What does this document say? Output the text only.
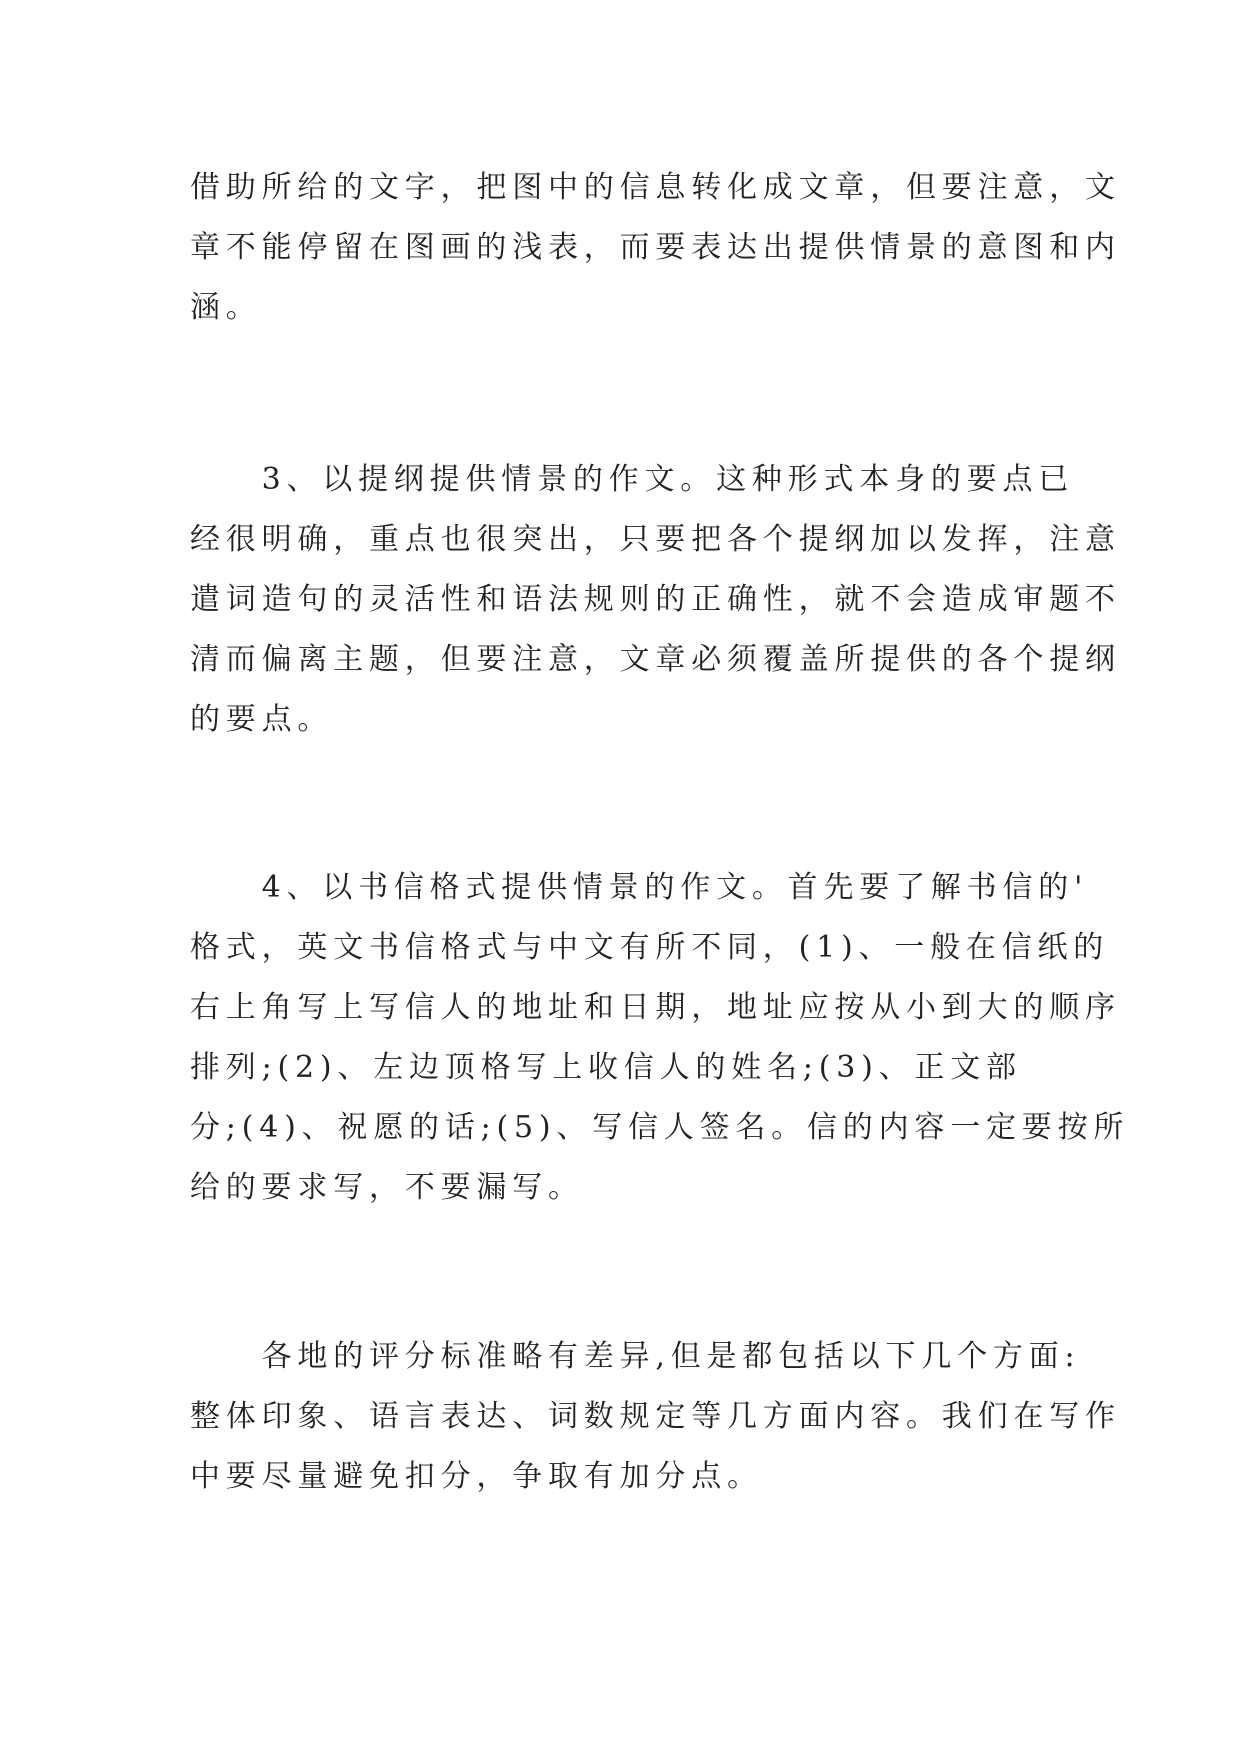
借助所给的文字，把图中的信息转化成文章，但要注意，文
章不能停留在图画的浅表，而要表达出提供情景的意图和内
涵。
　　3、以提纲提供情景的作文。这种形式本身的要点已
经很明确，重点也很突出，只要把各个提纲加以发挥，注意
遣词造句的灵活性和语法规则的正确性，就不会造成审题不
清而偏离主题，但要注意，文章必须覆盖所提供的各个提纲
的要点。
　　4、以书信格式提供情景的作文。首先要了解书信的'
格式，英文书信格式与中文有所不同，(1)、一般在信纸的
右上角写上写信人的地址和日期，地址应按从小到大的顺序
排列;(2)、左边顶格写上收信人的姓名;(3)、正文部
分;(4)、祝愿的话;(5)、写信人签名。信的内容一定要按所
给的要求写，不要漏写。
　　各地的评分标准略有差异,但是都包括以下几个方面:
整体印象、语言表达、词数规定等几方面内容。我们在写作
中要尽量避免扣分，争取有加分点。
